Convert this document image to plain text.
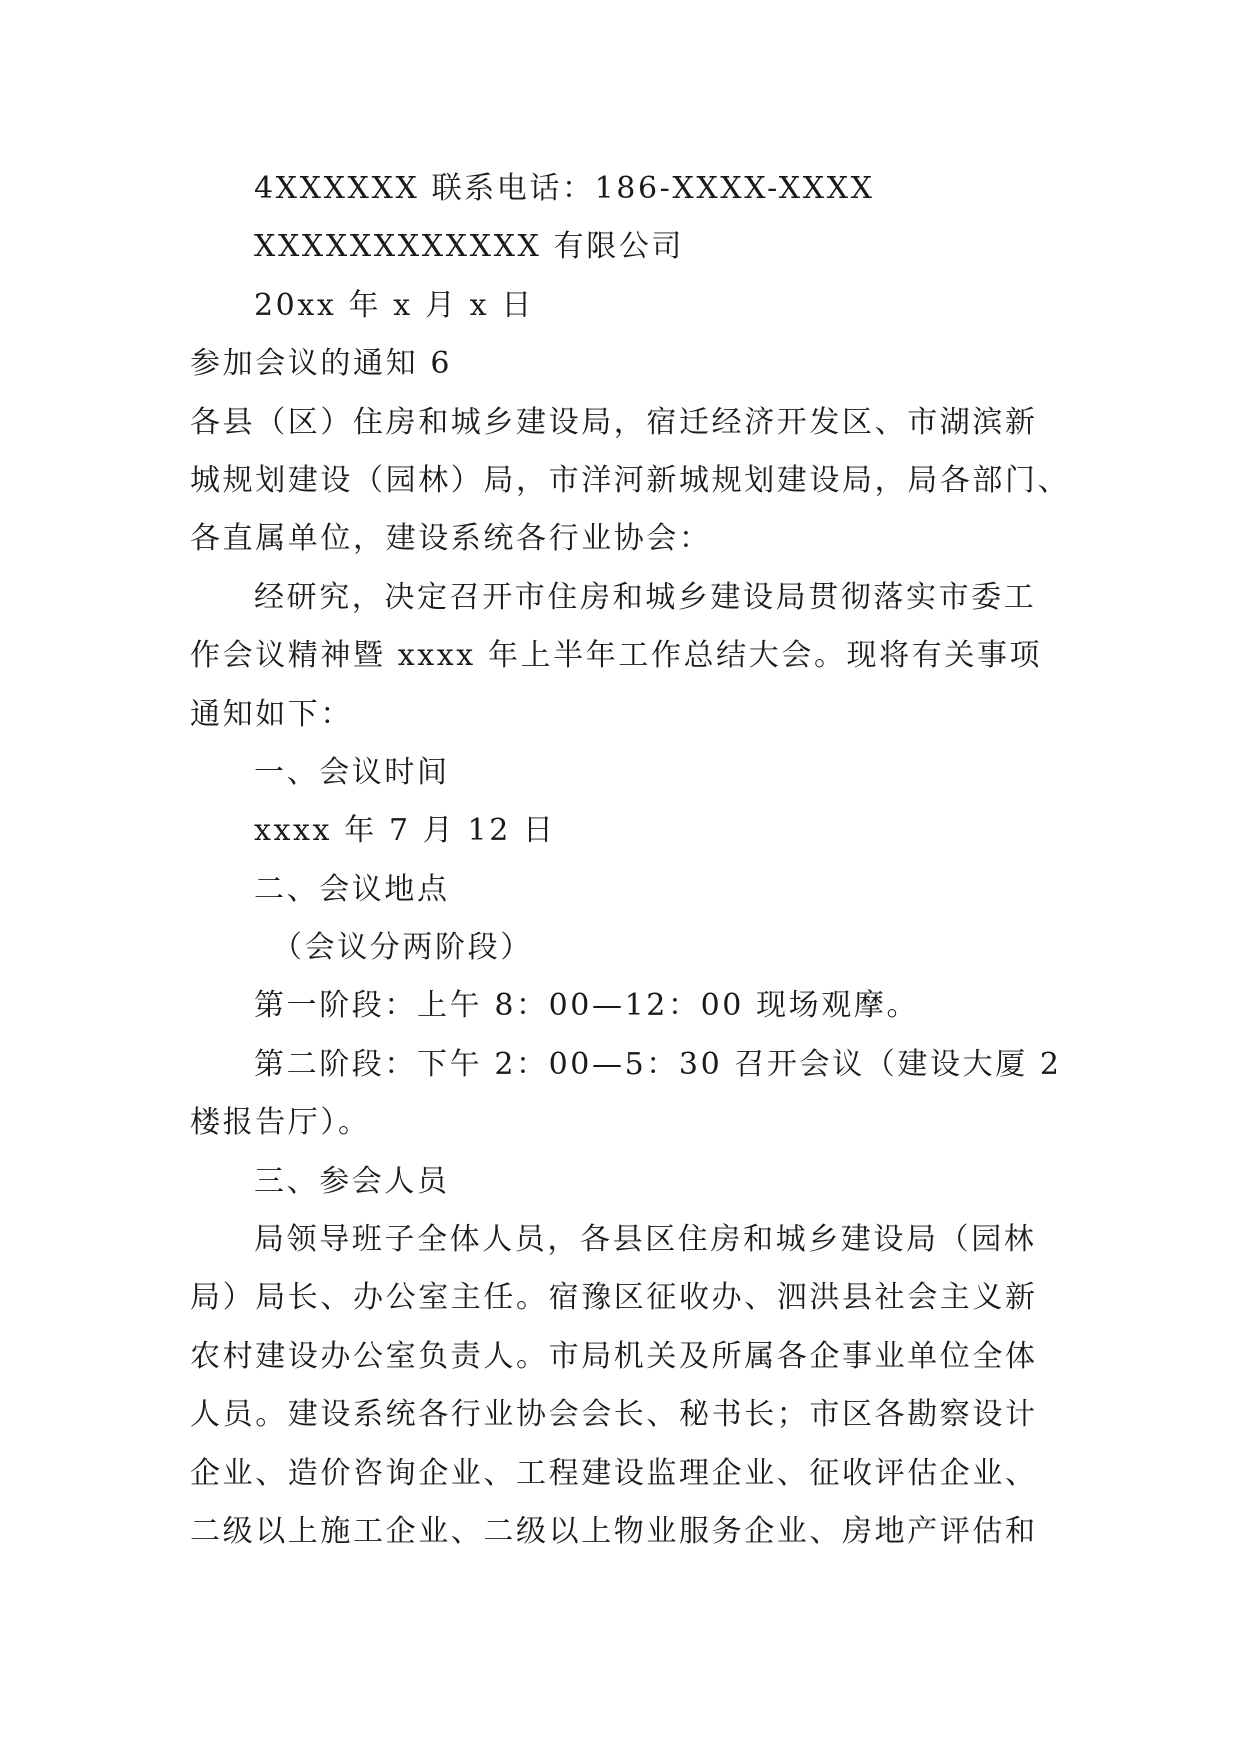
4XXXXXX 联系电话：186-XXXX-XXXX
XXXXXXXXXXXX 有限公司
20xx 年 x 月 x 日
参加会议的通知 6
各县（区）住房和城乡建设局，宿迁经济开发区、市湖滨新
城规划建设（园林）局，市洋河新城规划建设局，局各部门、
各直属单位，建设系统各行业协会：
经研究，决定召开市住房和城乡建设局贯彻落实市委工
作会议精神暨 xxxx 年上半年工作总结大会。现将有关事项
通知如下：
一、会议时间
xxxx 年 7 月 12 日
二、会议地点
（会议分两阶段）
第一阶段：上午 8：00—12：00 现场观摩。
第二阶段：下午 2：00—5：30 召开会议（建设大厦 2
楼报告厅）。
三、参会人员
局领导班子全体人员，各县区住房和城乡建设局（园林
局）局长、办公室主任。宿豫区征收办、泗洪县社会主义新
农村建设办公室负责人。市局机关及所属各企事业单位全体
人员。建设系统各行业协会会长、秘书长；市区各勘察设计
企业、造价咨询企业、工程建设监理企业、征收评估企业、
二级以上施工企业、二级以上物业服务企业、房地产评估和
